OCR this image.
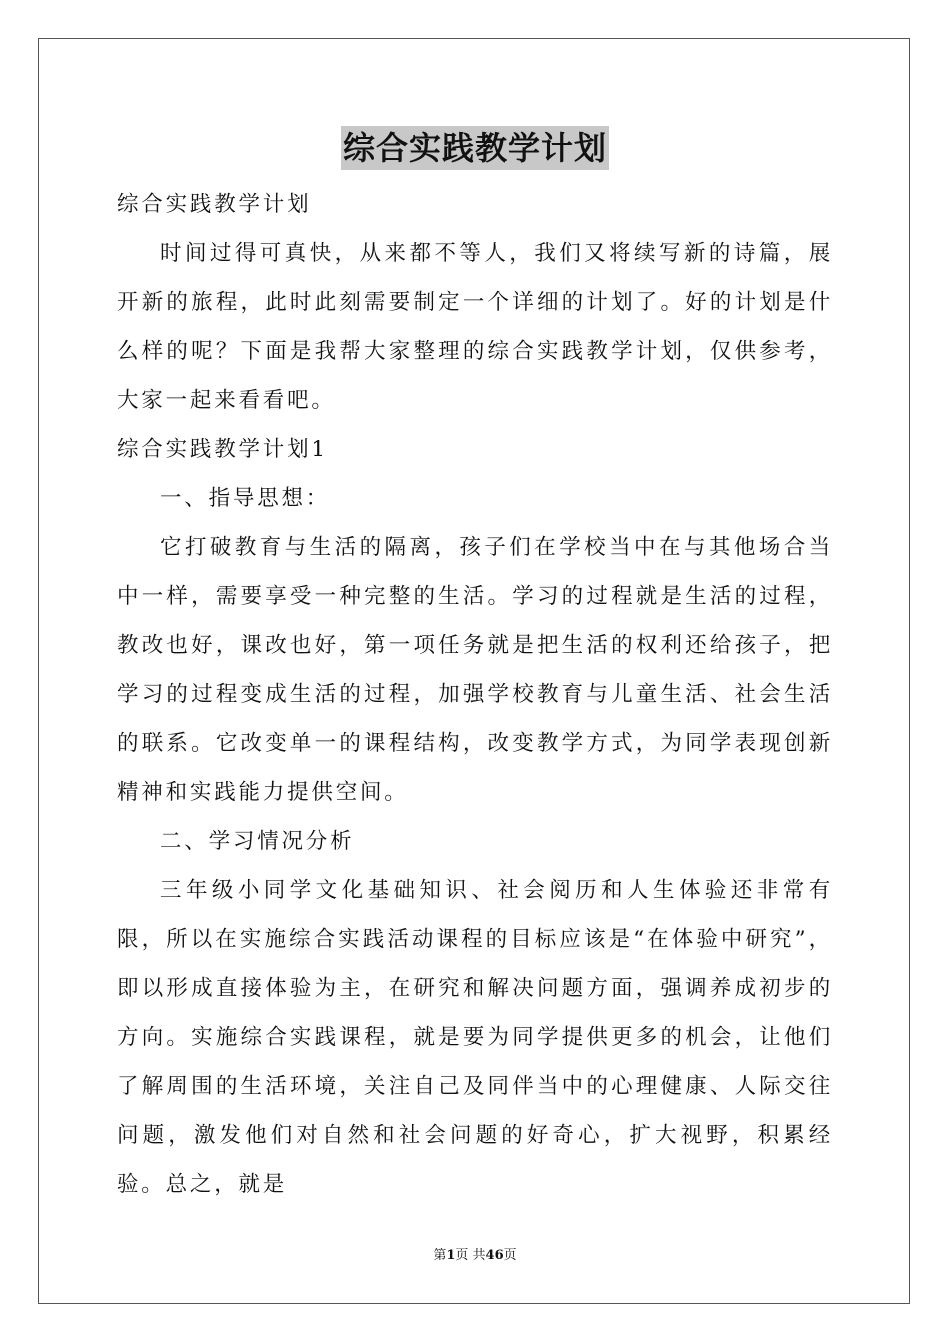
综合实践教学计划

综合实践教学计划

时间过得可真快，从来都不等人，我们又将续写新的诗篇，展开新的旅程，此时此刻需要制定一个详细的计划了。好的计划是什么样的呢？下面是我帮大家整理的综合实践教学计划，仅供参考，大家一起来看看吧。

综合实践教学计划1

一、指导思想：

它打破教育与生活的隔离，孩子们在学校当中在与其他场合当中一样，需要享受一种完整的生活。学习的过程就是生活的过程，教改也好，课改也好，第一项任务就是把生活的权利还给孩子，把学习的过程变成生活的过程，加强学校教育与儿童生活、社会生活的联系。它改变单一的课程结构，改变教学方式，为同学表现创新精神和实践能力提供空间。

二、学习情况分析

三年级小同学文化基础知识、社会阅历和人生体验还非常有限，所以在实施综合实践活动课程的目标应该是“在体验中研究”，即以形成直接体验为主，在研究和解决问题方面，强调养成初步的方向。实施综合实践课程，就是要为同学提供更多的机会，让他们了解周围的生活环境，关注自己及同伴当中的心理健康、人际交往问题，激发他们对自然和社会问题的好奇心，扩大视野，积累经验。总之，就是

第1页 共46页
